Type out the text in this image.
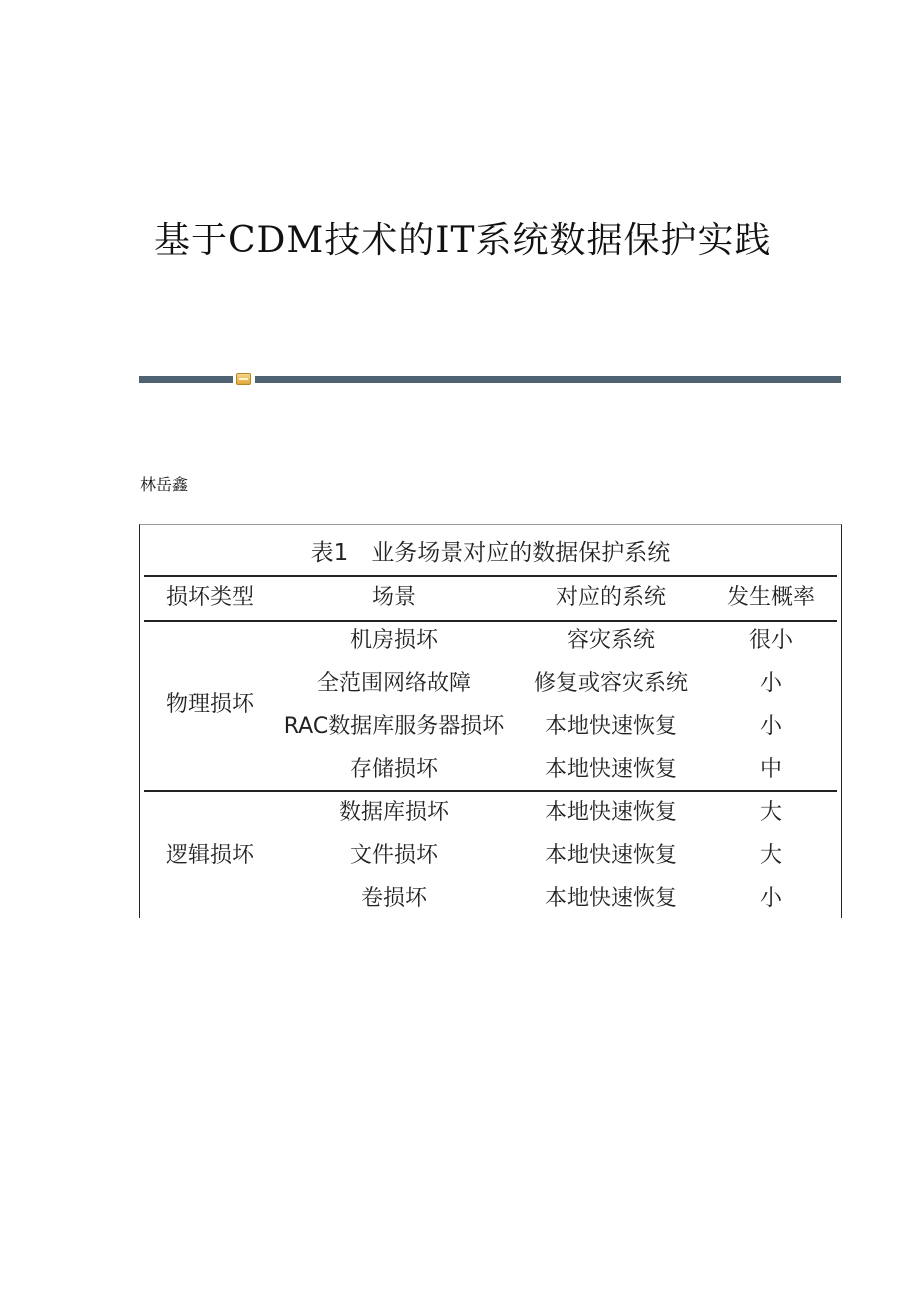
基于CDM技术的IT系统数据保护实践

林岳鑫

表1　业务场景对应的数据保护系统
损坏类型	场景	对应的系统	发生概率
物理损坏
机房损坏	容灾系统	很小
全范围网络故障	修复或容灾系统	小
RAC数据库服务器损坏	本地快速恢复	小
存储损坏	本地快速恢复	中
逻辑损坏
数据库损坏	本地快速恢复	大
文件损坏	本地快速恢复	大
卷损坏	本地快速恢复	小
